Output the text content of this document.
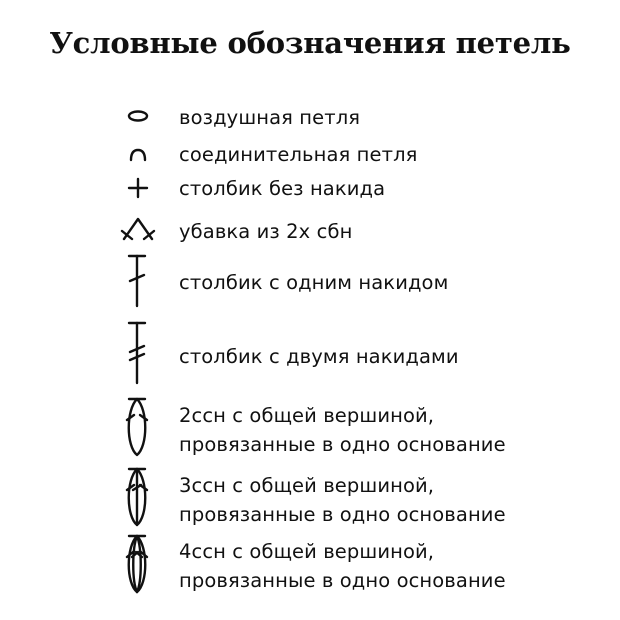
Условные обозначения петель
воздушная петля
соединительная петля
столбик без накида
убавка из 2х сбн
столбик с одним накидом
столбик с двумя накидами
2ссн с общей вершиной,
провязанные в одно основание
3ссн с общей вершиной,
провязанные в одно основание
4ссн с общей вершиной,
провязанные в одно основание
